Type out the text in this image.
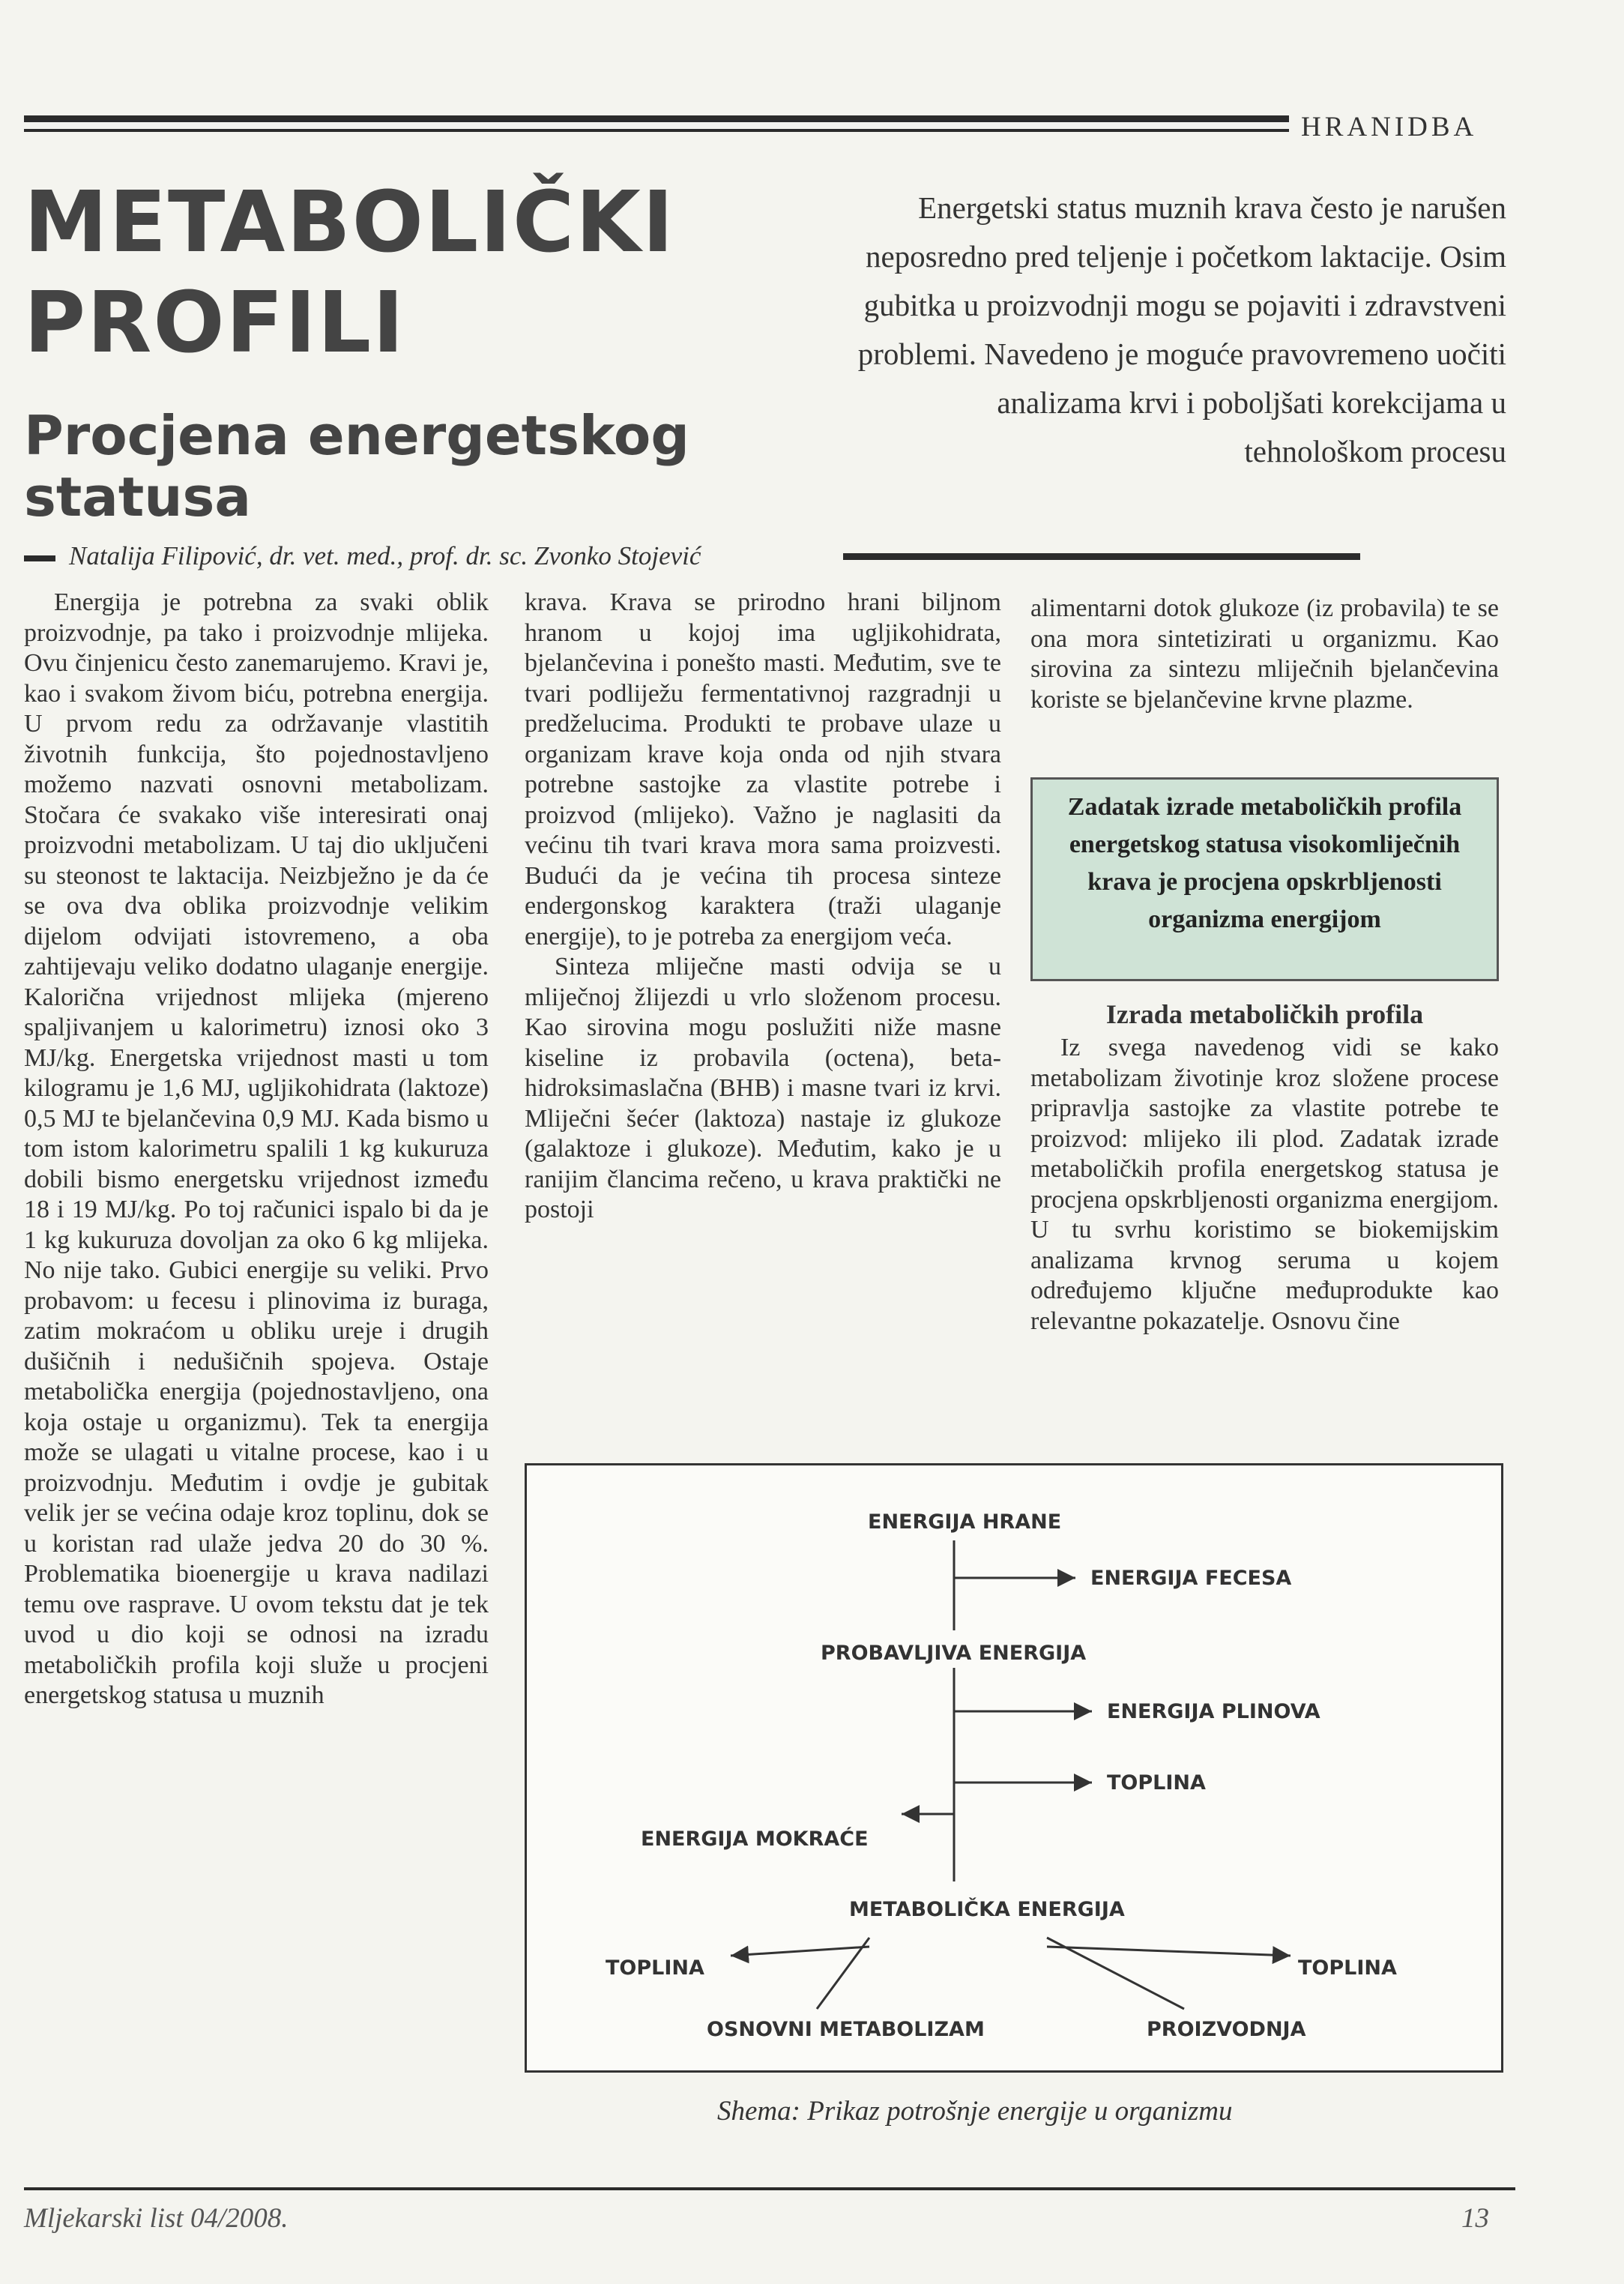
HRANIDBA
METABOLIČKI
PROFILI
Procjena energetskog
statusa
Energetski status muznih krava često je narušen neposredno pred teljenje i početkom laktacije. Osim gubitka u proizvodnji mogu se pojaviti i zdravstveni problemi. Navedeno je moguće pravovremeno uočiti analizama krvi i poboljšati korekcijama u tehnološkom procesu
Natalija Filipović, dr. vet. med., prof. dr. sc. Zvonko Stojević

Energija je potrebna za svaki oblik proizvodnje, pa tako i proizvodnje mlijeka. Ovu činjenicu često zanemarujemo. Kravi je, kao i svakom živom biću, potrebna energija. U prvom redu za održavanje vlastitih životnih funkcija, što pojednostavljeno možemo nazvati osnovni metabolizam. Stočara će svakako više interesirati onaj proizvodni metabolizam. U taj dio uključeni su steonost te laktacija. Neizbježno je da će se ova dva oblika proizvodnje velikim dijelom odvijati istovremeno, a oba zahtijevaju veliko dodatno ulaganje energije. Kalorična vrijednost mlijeka (mjereno spaljivanjem u kalorimetru) iznosi oko 3 MJ/kg. Energetska vrijednost masti u tom kilogramu je 1,6 MJ, ugljikohidrata (laktoze) 0,5 MJ te bjelančevina 0,9 MJ. Kada bismo u tom istom kalorimetru spalili 1 kg kukuruza dobili bismo energetsku vrijednost između 18 i 19 MJ/kg. Po toj računici ispalo bi da je 1 kg kukuruza dovoljan za oko 6 kg mlijeka. No nije tako. Gubici energije su veliki. Prvo probavom: u fecesu i plinovima iz buraga, zatim mokraćom u obliku ureje i drugih dušičnih i nedušičnih spojeva. Ostaje metabolička energija (pojednostavljeno, ona koja ostaje u organizmu). Tek ta energija može se ulagati u vitalne procese, kao i u proizvodnju. Međutim i ovdje je gubitak velik jer se većina odaje kroz toplinu, dok se u koristan rad ulaže jedva 20 do 30 %. Problematika bioenergije u krava nadilazi temu ove rasprave. U ovom tekstu dat je tek uvod u dio koji se odnosi na izradu metaboličkih profila koji služe u procjeni energetskog statusa u muznih

krava. Krava se prirodno hrani biljnom hranom u kojoj ima ugljikohidrata, bjelančevina i ponešto masti. Međutim, sve te tvari podliježu fermentativnoj razgradnji u predželucima. Produkti te probave ulaze u organizam krave koja onda od njih stvara potrebne sastojke za vlastite potrebe i proizvod (mlijeko). Važno je naglasiti da većinu tih tvari krava mora sama proizvesti. Budući da je većina tih procesa sinteze endergonskog karaktera (traži ulaganje energije), to je potreba za energijom veća.

Sinteza mliječne masti odvija se u mliječnoj žlijezdi u vrlo složenom procesu. Kao sirovina mogu poslužiti niže masne kiseline iz probavila (octena), beta-hidroksimaslačna (BHB) i masne tvari iz krvi. Mliječni šećer (laktoza) nastaje iz glukoze (galaktoze i glukoze). Međutim, kako je u ranijim člancima rečeno, u krava praktički ne postoji

alimentarni dotok glukoze (iz probavila) te se ona mora sintetizirati u organizmu. Kao sirovina za sintezu mliječnih bjelančevina koriste se bjelančevine krvne plazme.

Zadatak izrade metaboličkih profila energetskog statusa visokomliječnih krava je procjena opskrbljenosti organizma energijom
Izrada metaboličkih profila

Iz svega navedenog vidi se kako metabolizam životinje kroz složene procese pripravlja sastojke za vlastite potrebe te proizvod: mlijeko ili plod. Zadatak izrade metaboličkih profila energetskog statusa je procjena opskrbljenosti organizma energijom. U tu svrhu koristimo se biokemijskim analizama krvnog seruma u kojem određujemo ključne međuprodukte kao relevantne pokazatelje. Osnovu čine

ENERGIJA HRANE
ENERGIJA FECESA
PROBAVLJIVA ENERGIJA
ENERGIJA PLINOVA
TOPLINA
ENERGIJA MOKRAĆE
METABOLIČKA ENERGIJA
TOPLINA	TOPLINA
OSNOVNI METABOLIZAM	PROIZVODNJA
Shema: Prikaz potrošnje energije u organizmu
Mljekarski list 04/2008.	13
